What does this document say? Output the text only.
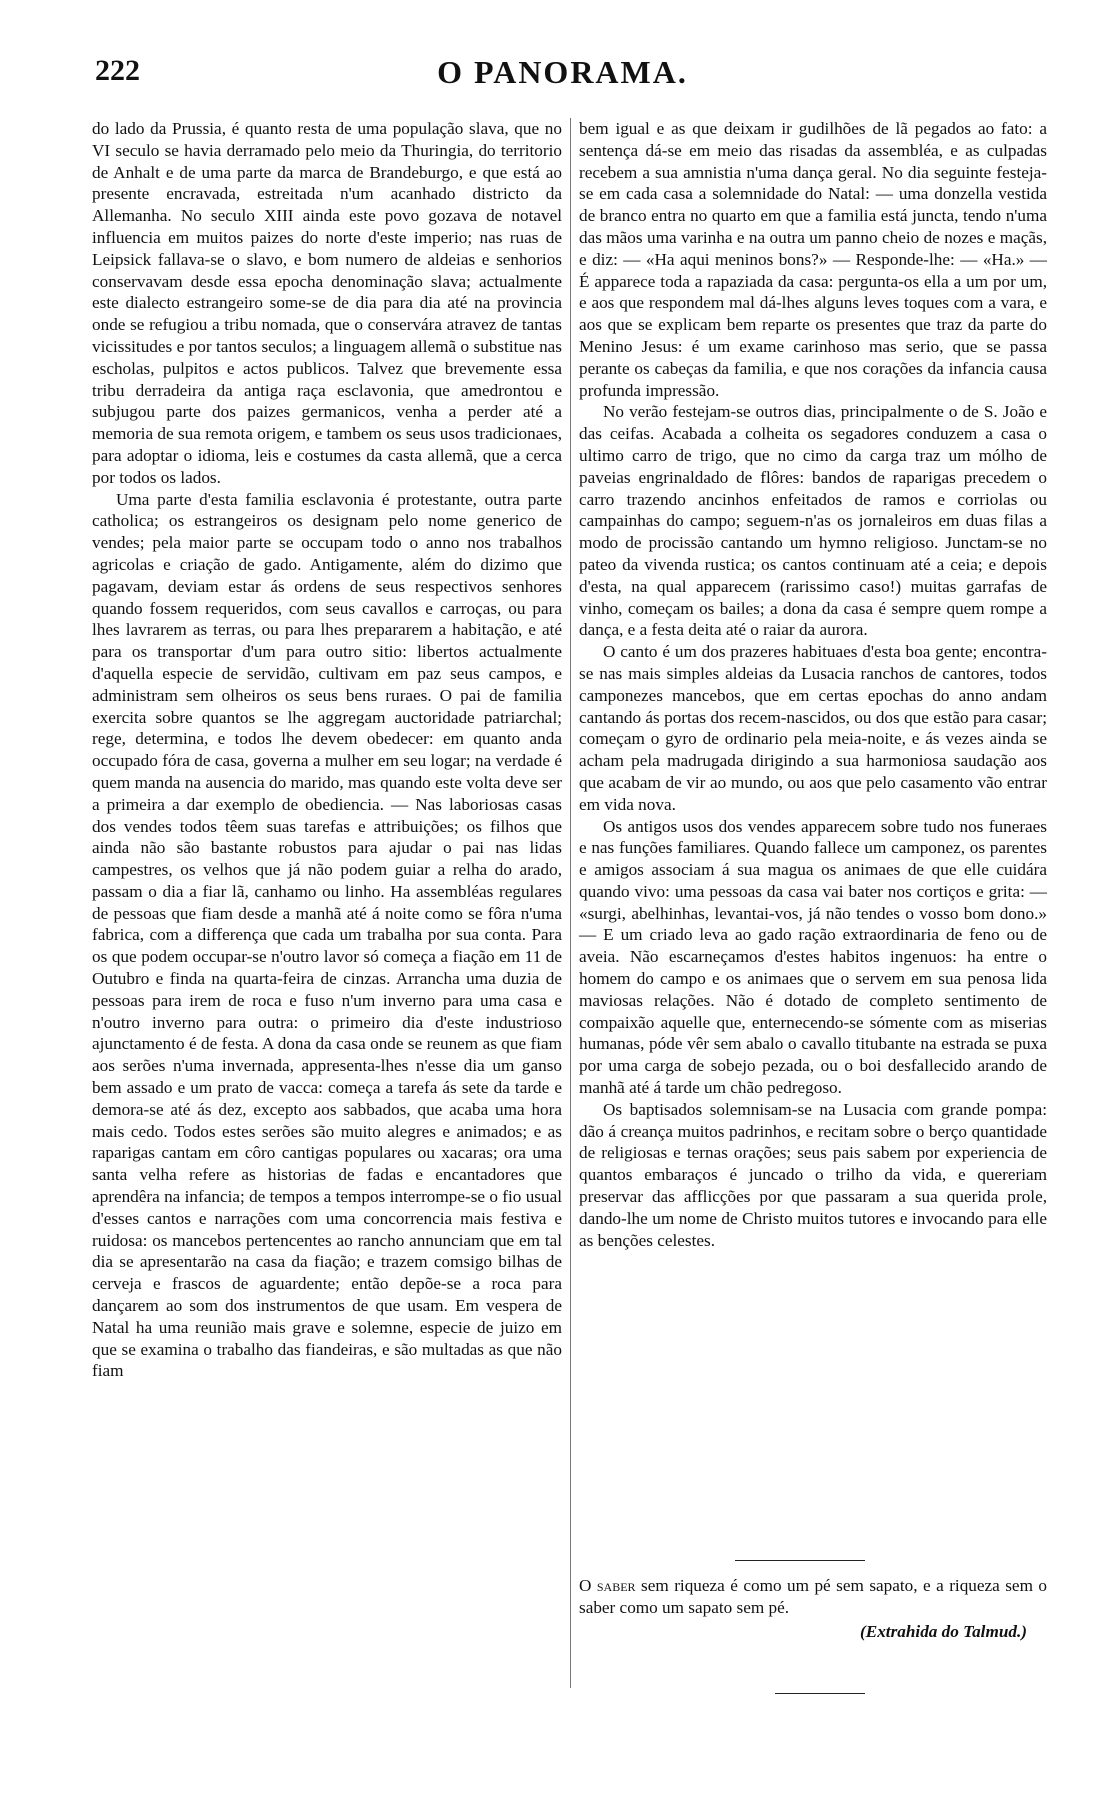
222	O PANORAMA.

do lado da Prussia, é quanto resta de uma população slava, que no VI seculo se havia derramado pelo meio da Thuringia, do territorio de Anhalt e de uma parte da marca de Brandeburgo, e que está ao presente encravada, estreitada n'um acanhado districto da Allemanha. No seculo XIII ainda este povo gozava de notavel influencia em muitos paizes do norte d'este imperio; nas ruas de Leipsick fallava-se o slavo, e bom numero de aldeias e senhorios conservavam desde essa epocha denominação slava; actualmente este dialecto estrangeiro some-se de dia para dia até na provincia onde se refugiou a tribu nomada, que o conservára atravez de tantas vicissitudes e por tantos seculos; a linguagem allemã o substitue nas escholas, pulpitos e actos publicos. Talvez que brevemente essa tribu derradeira da antiga raça esclavonia, que amedrontou e subjugou parte dos paizes germanicos, venha a perder até a memoria de sua remota origem, e tambem os seus usos tradicionaes, para adoptar o idioma, leis e costumes da casta allemã, que a cerca por todos os lados.

Uma parte d'esta familia esclavonia é protestante, outra parte catholica; os estrangeiros os designam pelo nome generico de vendes; pela maior parte se occupam todo o anno nos trabalhos agricolas e criação de gado. Antigamente, além do dizimo que pagavam, deviam estar ás ordens de seus respectivos senhores quando fossem requeridos, com seus cavallos e carroças, ou para lhes lavrarem as terras, ou para lhes prepararem a habitação, e até para os transportar d'um para outro sitio: libertos actualmente d'aquella especie de servidão, cultivam em paz seus campos, e administram sem olheiros os seus bens ruraes. O pai de familia exercita sobre quantos se lhe aggregam auctoridade patriarchal; rege, determina, e todos lhe devem obedecer: em quanto anda occupado fóra de casa, governa a mulher em seu logar; na verdade é quem manda na ausencia do marido, mas quando este volta deve ser a primeira a dar exemplo de obediencia. — Nas laboriosas casas dos vendes todos têem suas tarefas e attribuições; os filhos que ainda não são bastante robustos para ajudar o pai nas lidas campestres, os velhos que já não podem guiar a relha do arado, passam o dia a fiar lã, canhamo ou linho. Ha assembléas regulares de pessoas que fiam desde a manhã até á noite como se fôra n'uma fabrica, com a differença que cada um trabalha por sua conta. Para os que podem occupar-se n'outro lavor só começa a fiação em 11 de Outubro e finda na quarta-feira de cinzas. Arrancha uma duzia de pessoas para irem de roca e fuso n'um inverno para uma casa e n'outro inverno para outra: o primeiro dia d'este industrioso ajunctamento é de festa. A dona da casa onde se reunem as que fiam aos serões n'uma invernada, appresenta-lhes n'esse dia um ganso bem assado e um prato de vacca: começa a tarefa ás sete da tarde e demora-se até ás dez, excepto aos sabbados, que acaba uma hora mais cedo. Todos estes serões são muito alegres e animados; e as raparigas cantam em côro cantigas populares ou xacaras; ora uma santa velha refere as historias de fadas e encantadores que aprendêra na infancia; de tempos a tempos interrompe-se o fio usual d'esses cantos e narrações com uma concorrencia mais festiva e ruidosa: os mancebos pertencentes ao rancho annunciam que em tal dia se apresentarão na casa da fiação; e trazem comsigo bilhas de cerveja e frascos de aguardente; então depõe-se a roca para dançarem ao som dos instrumentos de que usam. Em vespera de Natal ha uma reunião mais grave e solemne, especie de juizo em que se examina o trabalho das fiandeiras, e são multadas as que não fiam

bem igual e as que deixam ir gudilhões de lã pegados ao fato: a sentença dá-se em meio das risadas da assembléa, e as culpadas recebem a sua amnistia n'uma dança geral. No dia seguinte festeja-se em cada casa a solemnidade do Natal: — uma donzella vestida de branco entra no quarto em que a familia está juncta, tendo n'uma das mãos uma varinha e na outra um panno cheio de nozes e maçãs, e diz: — «Ha aqui meninos bons?» — Responde-lhe: — «Ha.» — É apparece toda a rapaziada da casa: pergunta-os ella a um por um, e aos que respondem mal dá-lhes alguns leves toques com a vara, e aos que se explicam bem reparte os presentes que traz da parte do Menino Jesus: é um exame carinhoso mas serio, que se passa perante os cabeças da familia, e que nos corações da infancia causa profunda impressão.

No verão festejam-se outros dias, principalmente o de S. João e das ceifas. Acabada a colheita os segadores conduzem a casa o ultimo carro de trigo, que no cimo da carga traz um mólho de paveias engrinaldado de flôres: bandos de raparigas precedem o carro trazendo ancinhos enfeitados de ramos e corriolas ou campainhas do campo; seguem-n'as os jornaleiros em duas filas a modo de procissão cantando um hymno religioso. Junctam-se no pateo da vivenda rustica; os cantos continuam até a ceia; e depois d'esta, na qual apparecem (rarissimo caso!) muitas garrafas de vinho, começam os bailes; a dona da casa é sempre quem rompe a dança, e a festa deita até o raiar da aurora.

O canto é um dos prazeres habituaes d'esta boa gente; encontra-se nas mais simples aldeias da Lusacia ranchos de cantores, todos camponezes mancebos, que em certas epochas do anno andam cantando ás portas dos recem-nascidos, ou dos que estão para casar; começam o gyro de ordinario pela meia-noite, e ás vezes ainda se acham pela madrugada dirigindo a sua harmoniosa saudação aos que acabam de vir ao mundo, ou aos que pelo casamento vão entrar em vida nova.

Os antigos usos dos vendes apparecem sobre tudo nos funeraes e nas funções familiares. Quando fallece um camponez, os parentes e amigos associam á sua magua os animaes de que elle cuidára quando vivo: uma pessoas da casa vai bater nos cortiços e grita: — «surgi, abelhinhas, levantai-vos, já não tendes o vosso bom dono.» — E um criado leva ao gado ração extraordinaria de feno ou de aveia. Não escarneçamos d'estes habitos ingenuos: ha entre o homem do campo e os animaes que o servem em sua penosa lida maviosas relações. Não é dotado de completo sentimento de compaixão aquelle que, enternecendo-se sómente com as miserias humanas, póde vêr sem abalo o cavallo titubante na estrada se puxa por uma carga de sobejo pezada, ou o boi desfallecido arando de manhã até á tarde um chão pedregoso.

Os baptisados solemnisam-se na Lusacia com grande pompa: dão á creança muitos padrinhos, e recitam sobre o berço quantidade de religiosas e ternas orações; seus pais sabem por experiencia de quantos embaraços é juncado o trilho da vida, e quereriam preservar das afflicções por que passaram a sua querida prole, dando-lhe um nome de Christo muitos tutores e invocando para elle as benções celestes.

O saber sem riqueza é como um pé sem sapato, e a riqueza sem o saber como um sapato sem pé.
(Extrahida do Talmud.)
